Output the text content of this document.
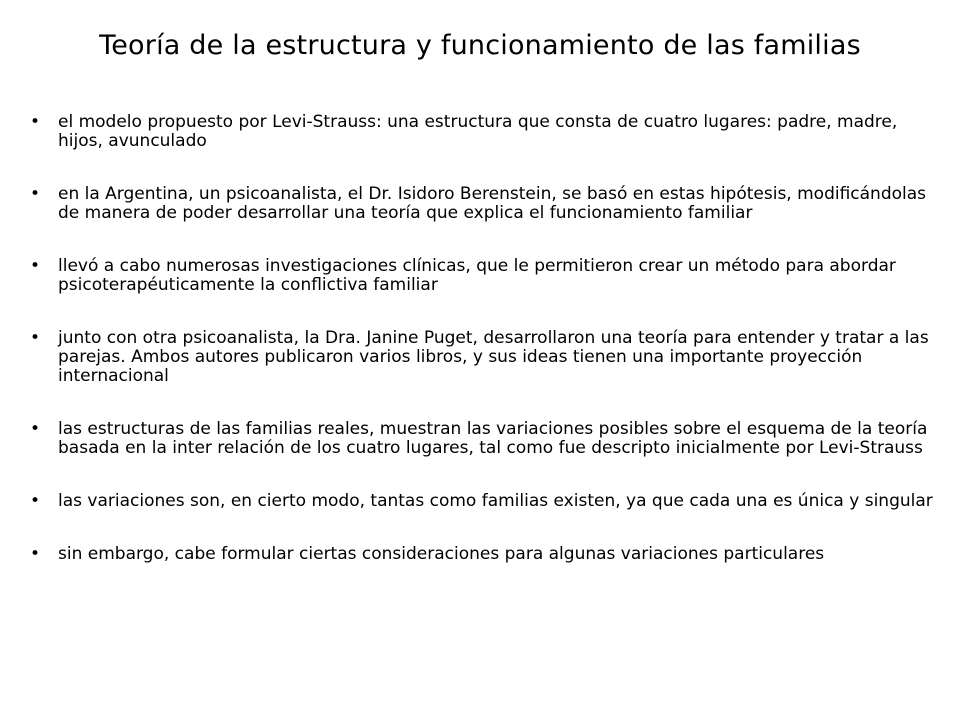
Teoría de la estructura y funcionamiento de las familias
• el modelo propuesto por Levi-Strauss: una estructura que consta de cuatro lugares: padre, madre, hijos, avunculado
• en la Argentina, un psicoanalista, el Dr. Isidoro Berenstein, se basó en estas hipótesis, modificándolas de manera de poder desarrollar una teoría que explica el funcionamiento familiar
• llevó a cabo numerosas investigaciones clínicas, que le permitieron crear un método para abordar psicoterapéuticamente la conflictiva familiar
• junto con otra psicoanalista, la Dra. Janine Puget, desarrollaron una teoría para entender y tratar a las parejas. Ambos autores publicaron varios libros, y sus ideas tienen una importante proyección internacional
• las estructuras de las familias reales, muestran las variaciones posibles sobre el esquema de la teoría basada en la inter relación de los cuatro lugares, tal como fue descripto inicialmente por Levi-Strauss
• las variaciones son, en cierto modo, tantas como familias existen, ya que cada una es única y singular
• sin embargo, cabe formular ciertas consideraciones para algunas variaciones particulares
